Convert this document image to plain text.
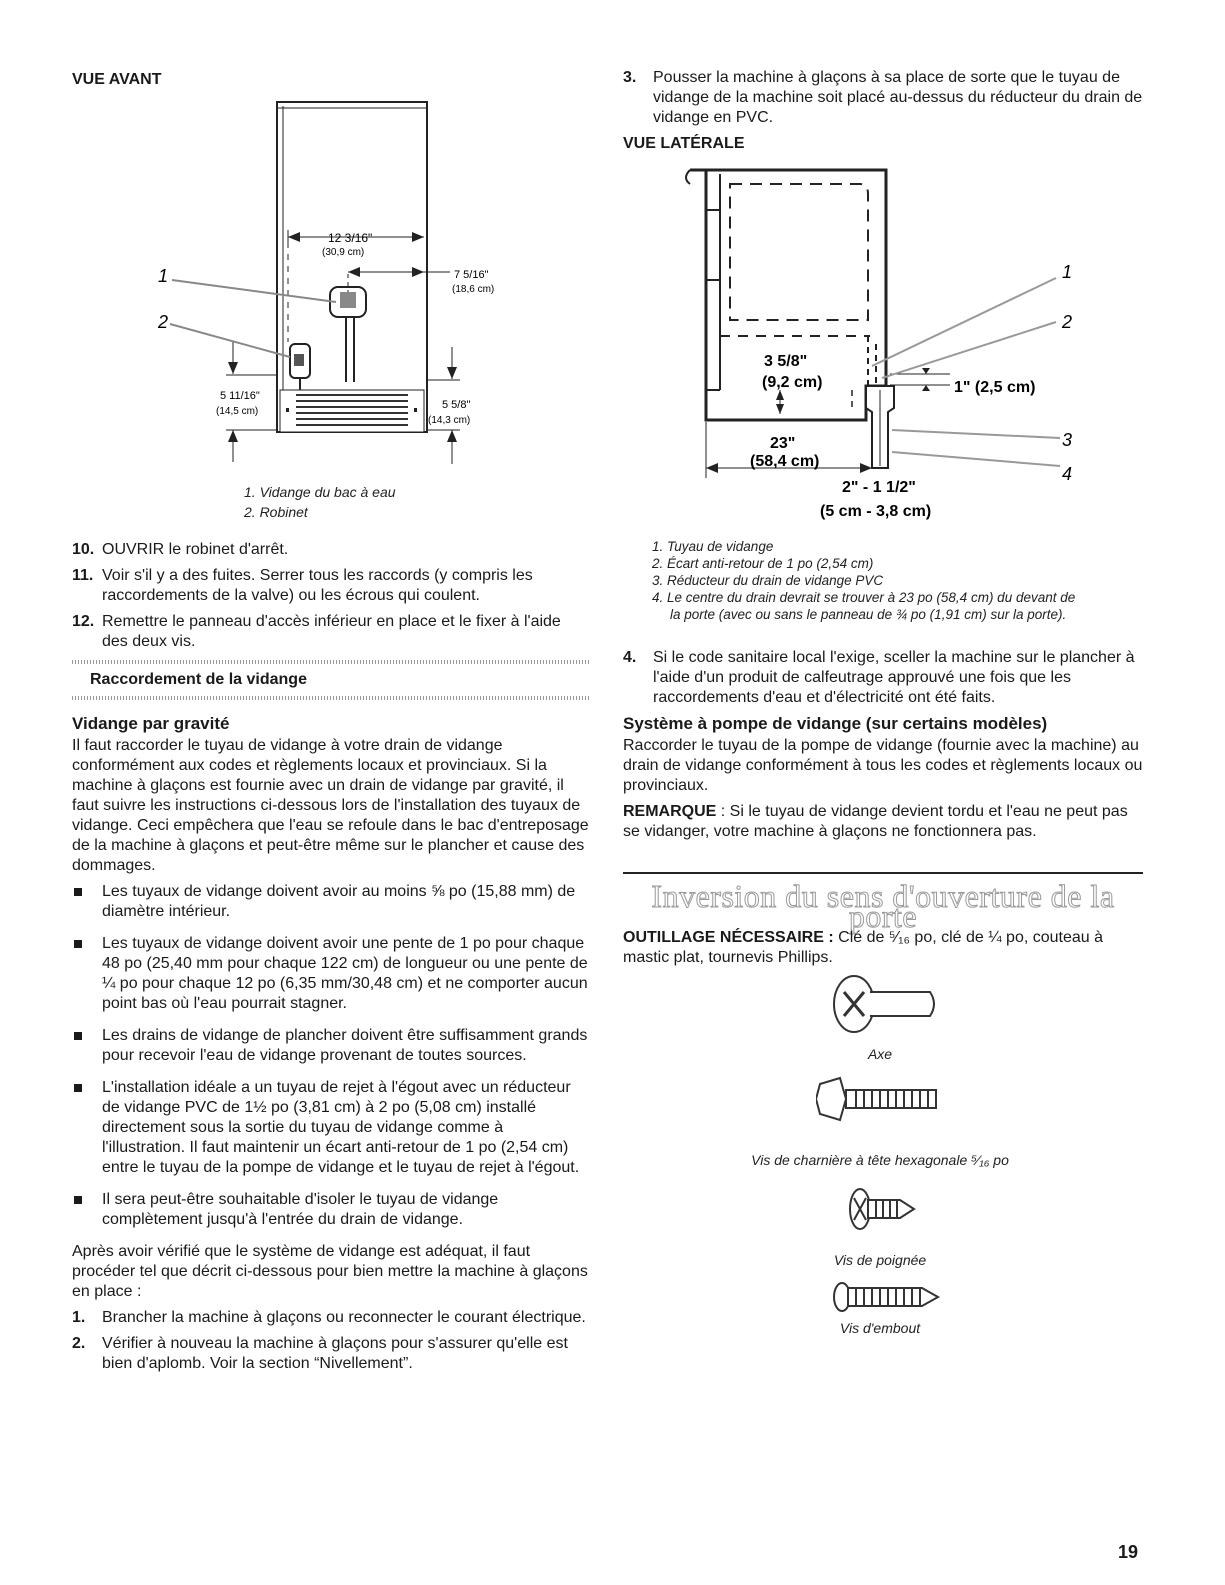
VUE AVANT
12 3/16"
(30,9 cm)
7 5/16"
(18,6 cm)
5 11/16"
(14,5 cm)
5 5/8"
(14,3 cm)
1
2
1. Vidange du bac à eau
2. Robinet
10. OUVRIR le robinet d'arrêt.
11. Voir s'il y a des fuites. Serrer tous les raccords (y compris les raccordements de la valve) ou les écrous qui coulent.
12. Remettre le panneau d'accès inférieur en place et le fixer à l'aide des deux vis.
Raccordement de la vidange
Vidange par gravité
Il faut raccorder le tuyau de vidange à votre drain de vidange conformément aux codes et règlements locaux et provinciaux. Si la machine à glaçons est fournie avec un drain de vidange par gravité, il faut suivre les instructions ci-dessous lors de l'installation des tuyaux de vidange. Ceci empêchera que l'eau se refoule dans le bac d'entreposage de la machine à glaçons et peut-être même sur le plancher et cause des dommages.
Les tuyaux de vidange doivent avoir au moins ⅝ po (15,88 mm) de diamètre intérieur.
Les tuyaux de vidange doivent avoir une pente de 1 po pour chaque 48 po (25,40 mm pour chaque 122 cm) de longueur ou une pente de ¼ po pour chaque 12 po (6,35 mm/30,48 cm) et ne comporter aucun point bas où l'eau pourrait stagner.
Les drains de vidange de plancher doivent être suffisamment grands pour recevoir l'eau de vidange provenant de toutes sources.
L'installation idéale a un tuyau de rejet à l'égout avec un réducteur de vidange PVC de 1½ po (3,81 cm) à 2 po (5,08 cm) installé directement sous la sortie du tuyau de vidange comme à l'illustration. Il faut maintenir un écart anti-retour de 1 po (2,54 cm) entre le tuyau de la pompe de vidange et le tuyau de rejet à l'égout.
Il sera peut-être souhaitable d'isoler le tuyau de vidange complètement jusqu'à l'entrée du drain de vidange.
Après avoir vérifié que le système de vidange est adéquat, il faut procéder tel que décrit ci-dessous pour bien mettre la machine à glaçons en place :
1. Brancher la machine à glaçons ou reconnecter le courant électrique.
2. Vérifier à nouveau la machine à glaçons pour s'assurer qu'elle est bien d'aplomb. Voir la section “Nivellement”.
3. Pousser la machine à glaçons à sa place de sorte que le tuyau de vidange de la machine soit placé au-dessus du réducteur du drain de vidange en PVC.
VUE LATÉRALE
3 5/8"
(9,2 cm)	1" (2,5 cm)
23"
(58,4 cm)
2" - 1 1/2"
(5 cm - 3,8 cm)
1
2
3
4
1. Tuyau de vidange
2. Écart anti-retour de 1 po (2,54 cm)
3. Réducteur du drain de vidange PVC
4. Le centre du drain devrait se trouver à 23 po (58,4 cm) du devant de
la porte (avec ou sans le panneau de ¾ po (1,91 cm) sur la porte).
4. Si le code sanitaire local l'exige, sceller la machine sur le plancher à l'aide d'un produit de calfeutrage approuvé une fois que les raccordements d'eau et d'électricité ont été faits.
Système à pompe de vidange (sur certains modèles)
Raccorder le tuyau de la pompe de vidange (fournie avec la machine) au drain de vidange conformément à tous les codes et règlements locaux ou provinciaux.
REMARQUE : Si le tuyau de vidange devient tordu et l'eau ne peut pas se vidanger, votre machine à glaçons ne fonctionnera pas.
Inversion du sens d'ouverture de la porte
OUTILLAGE NÉCESSAIRE : Clé de ⁵⁄₁₆ po, clé de ¼ po, couteau à mastic plat, tournevis Phillips.
Axe
Vis de charnière à tête hexagonale ⁵⁄₁₆ po
Vis de poignée
Vis d'embout
19
